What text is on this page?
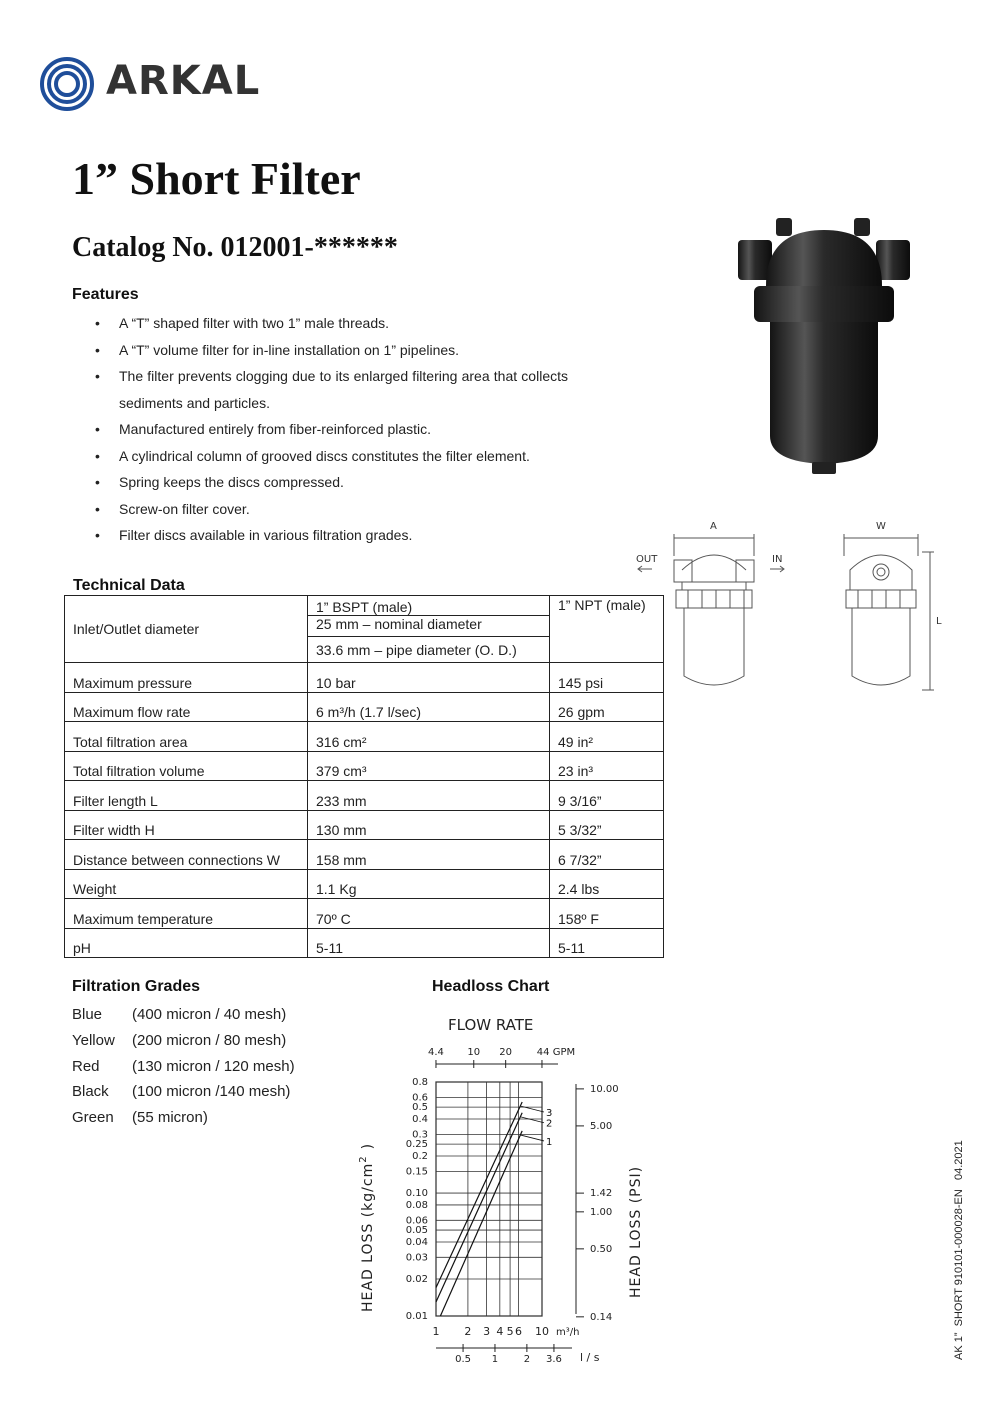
ARKAL
1” Short Filter
Catalog No. 012001-******
Features
• A “T” shaped filter with two 1” male threads.
• A “T” volume filter for in-line installation on 1” pipelines.
• The filter prevents clogging due to its enlarged filtering area that collects sediments and particles.
• Manufactured entirely from fiber-reinforced plastic.
• A cylindrical column of grooved discs constitutes the filter element.
• Spring keeps the discs compressed.
• Screw-on filter cover.
• Filter discs available in various filtration grades.
A	W
L
OUT	IN
Technical Data
Inlet/Outlet diameter	1” BSPT (male)	1” NPT (male)
	25 mm – nominal diameter	
	33.6 mm – pipe diameter (O. D.)	
Maximum pressure	10 bar	145 psi
Maximum flow rate	6 m³/h (1.7 l/sec)	26 gpm
Total filtration area	316 cm²	49 in²
Total filtration volume	379 cm³	23 in³
Filter length L	233 mm	9 3/16”
Filter width H	130 mm	5 3/32”
Distance between connections W	158 mm	6 7/32”
Weight	1.1 Kg	2.4 lbs
Maximum temperature	70º C	158º F
pH	5-11	5-11
Filtration Grades
Blue (400 micron / 40 mesh)
Yellow (200 micron / 80 mesh)
Red (130 micron / 120 mesh)
Black (100 micron /140 mesh)
Green (55 micron)
Headloss Chart
FLOW RATE
HEAD LOSS $(kg/cm^2)$
HEAD LOSS (PSI)
0.01
0.02
0.03
0.04
0.05
0.06
0.08
0.10
0.15
0.2
0.25
0.3
0.4
0.5
0.6
0.8
1 2 3 4 5 6 10
4.4 10 20 44 GPM
0.5 1	2 3.6
10.00
5.00
1.42
1.00
0.50
0.14
1
2
3
m³/h
l / s	AK 1”  SHORT 910101-000028-EN   04.2021
